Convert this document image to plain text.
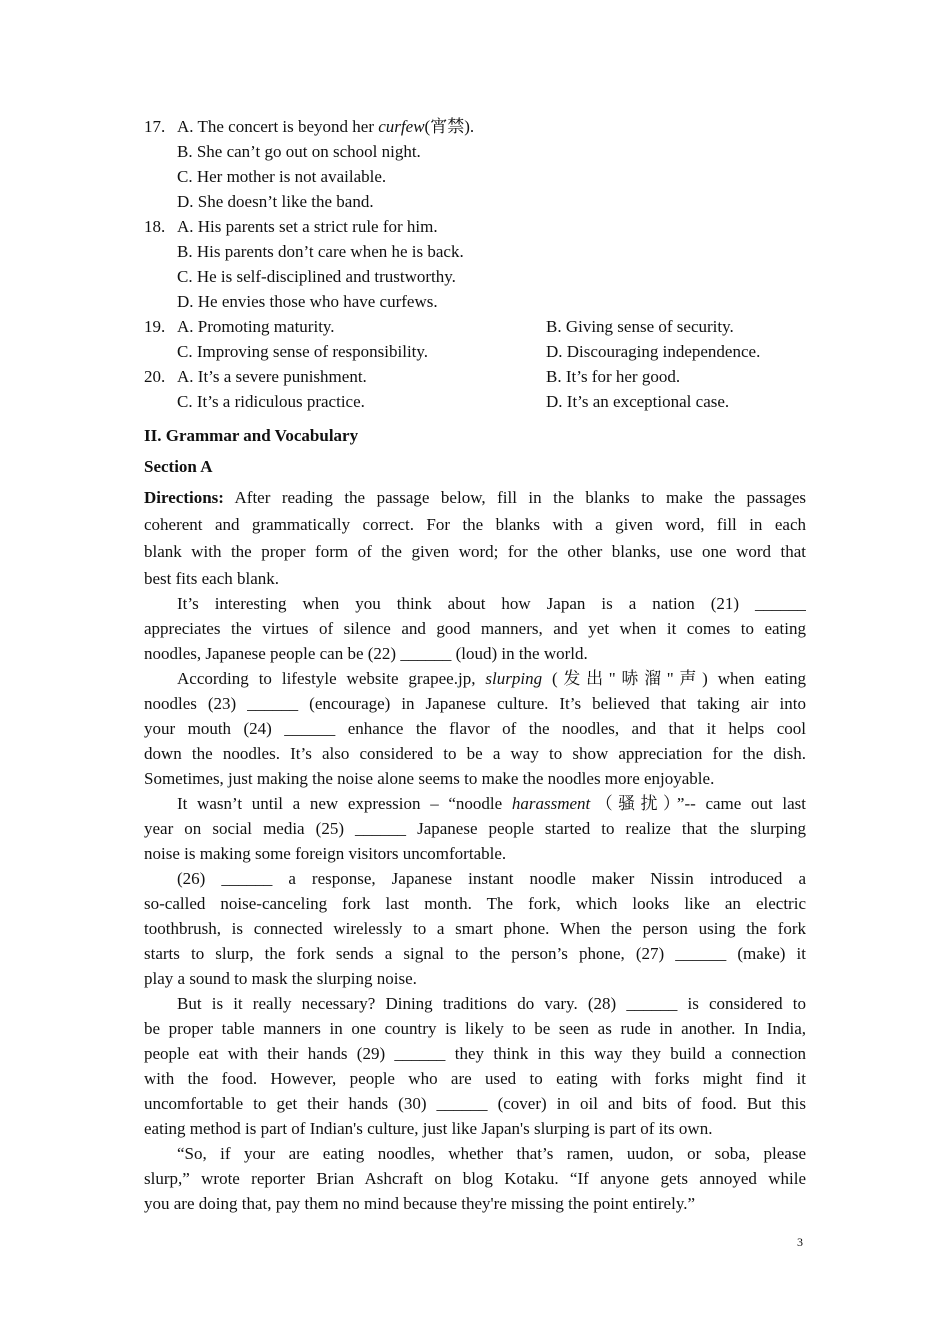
17. A. The concert is beyond her curfew(宵禁).
B. She can’t go out on school night.
C. Her mother is not available.
D. She doesn’t like the band.
18. A. His parents set a strict rule for him.
B. His parents don’t care when he is back.
C. He is self-disciplined and trustworthy.
D. He envies those who have curfews.
19. A. Promoting maturity.	B. Giving sense of security.
C. Improving sense of responsibility.	D. Discouraging independence.
20. A. It’s a severe punishment.	B. It’s for her good.
C. It’s a ridiculous practice.	D. It’s an exceptional case.
II. Grammar and Vocabulary
Section A
Directions: After reading the passage below, fill in the blanks to make the passages
coherent and grammatically correct. For the blanks with a given word, fill in each
blank with the proper form of the given word; for the other blanks, use one word that
best fits each blank.
It’s interesting when you think about how Japan is a nation (21) ______
appreciates the virtues of silence and good manners, and yet when it comes to eating
noodles, Japanese people can be (22) ______ (loud) in the world.
According to lifestyle website grapee.jp, slurping (发出"哧溜"声) when eating
noodles (23) ______ (encourage) in Japanese culture. It’s believed that taking air into
your mouth (24) ______ enhance the flavor of the noodles, and that it helps cool
down the noodles. It’s also considered to be a way to show appreciation for the dish.
Sometimes, just making the noise alone seems to make the noodles more enjoyable.
It wasn’t until a new expression – “noodle harassment（骚扰）”-- came out last
year on social media (25) ______ Japanese people started to realize that the slurping
noise is making some foreign visitors uncomfortable.
(26) ______ a response, Japanese instant noodle maker Nissin introduced a
so-called noise-canceling fork last month. The fork, which looks like an electric
toothbrush, is connected wirelessly to a smart phone. When the person using the fork
starts to slurp, the fork sends a signal to the person’s phone, (27) ______ (make) it
play a sound to mask the slurping noise.
But is it really necessary? Dining traditions do vary. (28) ______ is considered to
be proper table manners in one country is likely to be seen as rude in another. In India,
people eat with their hands (29) ______ they think in this way they build a connection
with the food. However, people who are used to eating with forks might find it
uncomfortable to get their hands (30) ______ (cover) in oil and bits of food. But this
eating method is part of Indian's culture, just like Japan's slurping is part of its own.
“So, if your are eating noodles, whether that’s ramen, uudon, or soba, please
slurp,” wrote reporter Brian Ashcraft on blog Kotaku. “If anyone gets annoyed while
you are doing that, pay them no mind because they're missing the point entirely.”
3
